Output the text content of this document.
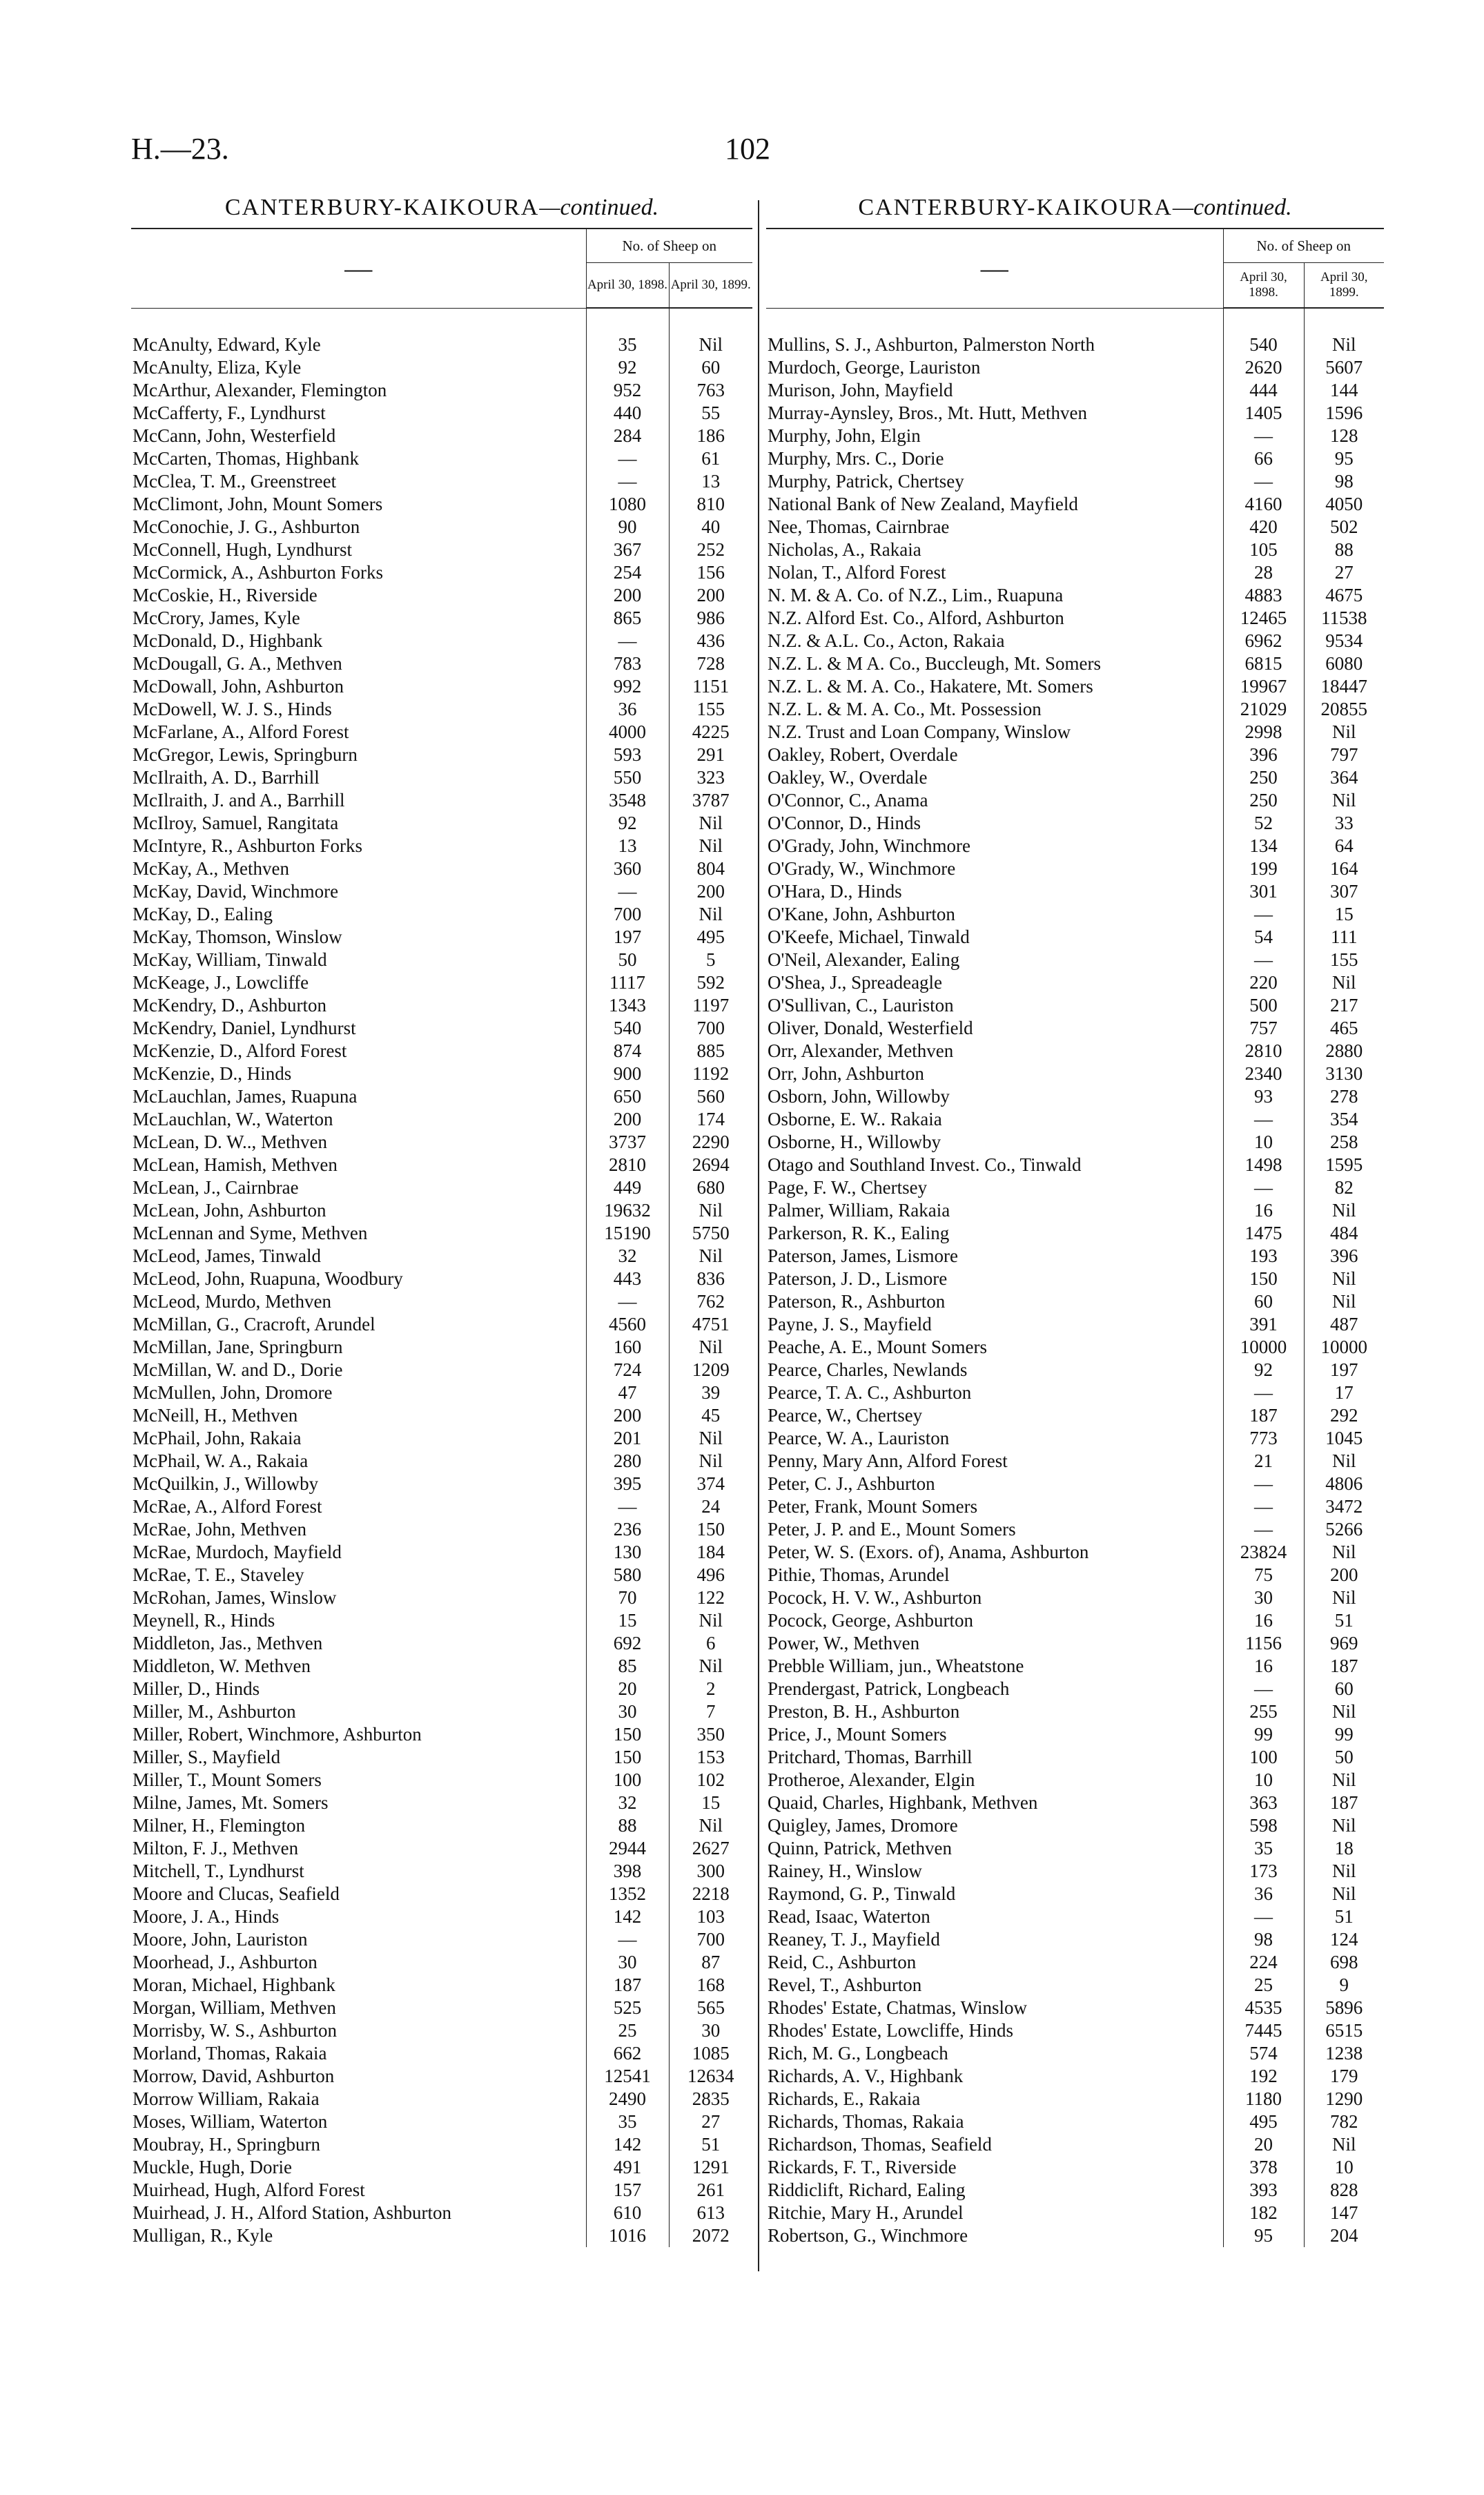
H.—23.	102
CANTERBURY-KAIKOURA—continued.
—	No. of Sheep on	
	April 30, 1898.	April 30, 1899.
McAnulty, Edward, Kyle	35	Nil
McAnulty, Eliza, Kyle	92	60
McArthur, Alexander, Flemington	952	763
McCafferty, F., Lyndhurst	440	55
McCann, John, Westerfield	284	186
McCarten, Thomas, Highbank	—	61
McClea, T. M., Greenstreet	—	13
McClimont, John, Mount Somers	1080	810
McConochie, J. G., Ashburton	90	40
McConnell, Hugh, Lyndhurst	367	252
McCormick, A., Ashburton Forks	254	156
McCoskie, H., Riverside	200	200
McCrory, James, Kyle	865	986
McDonald, D., Highbank	—	436
McDougall, G. A., Methven	783	728
McDowall, John, Ashburton	992	1151
McDowell, W. J. S., Hinds	36	155
McFarlane, A., Alford Forest	4000	4225
McGregor, Lewis, Springburn	593	291
McIlraith, A. D., Barrhill	550	323
McIlraith, J. and A., Barrhill	3548	3787
McIlroy, Samuel, Rangitata	92	Nil
McIntyre, R., Ashburton Forks	13	Nil
McKay, A., Methven	360	804
McKay, David, Winchmore	—	200
McKay, D., Ealing	700	Nil
McKay, Thomson, Winslow	197	495
McKay, William, Tinwald	50	5
McKeage, J., Lowcliffe	1117	592
McKendry, D., Ashburton	1343	1197
McKendry, Daniel, Lyndhurst	540	700
McKenzie, D., Alford Forest	874	885
McKenzie, D., Hinds	900	1192
McLauchlan, James, Ruapuna	650	560
McLauchlan, W., Waterton	200	174
McLean, D. W.., Methven	3737	2290
McLean, Hamish, Methven	2810	2694
McLean, J., Cairnbrae	449	680
McLean, John, Ashburton	19632	Nil
McLennan and Syme, Methven	15190	5750
McLeod, James, Tinwald	32	Nil
McLeod, John, Ruapuna, Woodbury	443	836
McLeod, Murdo, Methven	—	762
McMillan, G., Cracroft, Arundel	4560	4751
McMillan, Jane, Springburn	160	Nil
McMillan, W. and D., Dorie	724	1209
McMullen, John, Dromore	47	39
McNeill, H., Methven	200	45
McPhail, John, Rakaia	201	Nil
McPhail, W. A., Rakaia	280	Nil
McQuilkin, J., Willowby	395	374
McRae, A., Alford Forest	—	24
McRae, John, Methven	236	150
McRae, Murdoch, Mayfield	130	184
McRae, T. E., Staveley	580	496
McRohan, James, Winslow	70	122
Meynell, R., Hinds	15	Nil
Middleton, Jas., Methven	692	6
Middleton, W. Methven	85	Nil
Miller, D., Hinds	20	2
Miller, M., Ashburton	30	7
Miller, Robert, Winchmore, Ashburton	150	350
Miller, S., Mayfield	150	153
Miller, T., Mount Somers	100	102
Milne, James, Mt. Somers	32	15
Milner, H., Flemington	88	Nil
Milton, F. J., Methven	2944	2627
Mitchell, T., Lyndhurst	398	300
Moore and Clucas, Seafield	1352	2218
Moore, J. A., Hinds	142	103
Moore, John, Lauriston	—	700
Moorhead, J., Ashburton	30	87
Moran, Michael, Highbank	187	168
Morgan, William, Methven	525	565
Morrisby, W. S., Ashburton	25	30
Morland, Thomas, Rakaia	662	1085
Morrow, David, Ashburton	12541	12634
Morrow William, Rakaia	2490	2835
Moses, William, Waterton	35	27
Moubray, H., Springburn	142	51
Muckle, Hugh, Dorie	491	1291
Muirhead, Hugh, Alford Forest	157	261
Muirhead, J. H., Alford Station, Ashburton	610	613
Mulligan, R., Kyle	1016	2072
CANTERBURY-KAIKOURA—continued.
—	No. of Sheep on	
	April 30, 1898.	April 30, 1899.
Mullins, S. J., Ashburton, Palmerston North	540	Nil
Murdoch, George, Lauriston	2620	5607
Murison, John, Mayfield	444	144
Murray-Aynsley, Bros., Mt. Hutt, Methven	1405	1596
Murphy, John, Elgin	—	128
Murphy, Mrs. C., Dorie	66	95
Murphy, Patrick, Chertsey	—	98
National Bank of New Zealand, Mayfield	4160	4050
Nee, Thomas, Cairnbrae	420	502
Nicholas, A., Rakaia	105	88
Nolan, T., Alford Forest	28	27
N. M. & A. Co. of N.Z., Lim., Ruapuna	4883	4675
N.Z. Alford Est. Co., Alford, Ashburton	12465	11538
N.Z. & A.L. Co., Acton, Rakaia	6962	9534
N.Z. L. & M A. Co., Buccleugh, Mt. Somers	6815	6080
N.Z. L. & M. A. Co., Hakatere, Mt. Somers	19967	18447
N.Z. L. & M. A. Co., Mt. Possession	21029	20855
N.Z. Trust and Loan Company, Winslow	2998	Nil
Oakley, Robert, Overdale	396	797
Oakley, W., Overdale	250	364
O'Connor, C., Anama	250	Nil
O'Connor, D., Hinds	52	33
O'Grady, John, Winchmore	134	64
O'Grady, W., Winchmore	199	164
O'Hara, D., Hinds	301	307
O'Kane, John, Ashburton	—	15
O'Keefe, Michael, Tinwald	54	111
O'Neil, Alexander, Ealing	—	155
O'Shea, J., Spreadeagle	220	Nil
O'Sullivan, C., Lauriston	500	217
Oliver, Donald, Westerfield	757	465
Orr, Alexander, Methven	2810	2880
Orr, John, Ashburton	2340	3130
Osborn, John, Willowby	93	278
Osborne, E. W.. Rakaia	—	354
Osborne, H., Willowby	10	258
Otago and Southland Invest. Co., Tinwald	1498	1595
Page, F. W., Chertsey	—	82
Palmer, William, Rakaia	16	Nil
Parkerson, R. K., Ealing	1475	484
Paterson, James, Lismore	193	396
Paterson, J. D., Lismore	150	Nil
Paterson, R., Ashburton	60	Nil
Payne, J. S., Mayfield	391	487
Peache, A. E., Mount Somers	10000	10000
Pearce, Charles, Newlands	92	197
Pearce, T. A. C., Ashburton	—	17
Pearce, W., Chertsey	187	292
Pearce, W. A., Lauriston	773	1045
Penny, Mary Ann, Alford Forest	21	Nil
Peter, C. J., Ashburton	—	4806
Peter, Frank, Mount Somers	—	3472
Peter, J. P. and E., Mount Somers	—	5266
Peter, W. S. (Exors. of), Anama, Ashburton	23824	Nil
Pithie, Thomas, Arundel	75	200
Pocock, H. V. W., Ashburton	30	Nil
Pocock, George, Ashburton	16	51
Power, W., Methven	1156	969
Prebble William, jun., Wheatstone	16	187
Prendergast, Patrick, Longbeach	—	60
Preston, B. H., Ashburton	255	Nil
Price, J., Mount Somers	99	99
Pritchard, Thomas, Barrhill	100	50
Protheroe, Alexander, Elgin	10	Nil
Quaid, Charles, Highbank, Methven	363	187
Quigley, James, Dromore	598	Nil
Quinn, Patrick, Methven	35	18
Rainey, H., Winslow	173	Nil
Raymond, G. P., Tinwald	36	Nil
Read, Isaac, Waterton	—	51
Reaney, T. J., Mayfield	98	124
Reid, C., Ashburton	224	698
Revel, T., Ashburton	25	9
Rhodes' Estate, Chatmas, Winslow	4535	5896
Rhodes' Estate, Lowcliffe, Hinds	7445	6515
Rich, M. G., Longbeach	574	1238
Richards, A. V., Highbank	192	179
Richards, E., Rakaia	1180	1290
Richards, Thomas, Rakaia	495	782
Richardson, Thomas, Seafield	20	Nil
Rickards, F. T., Riverside	378	10
Riddiclift, Richard, Ealing	393	828
Ritchie, Mary H., Arundel	182	147
Robertson, G., Winchmore	95	204
